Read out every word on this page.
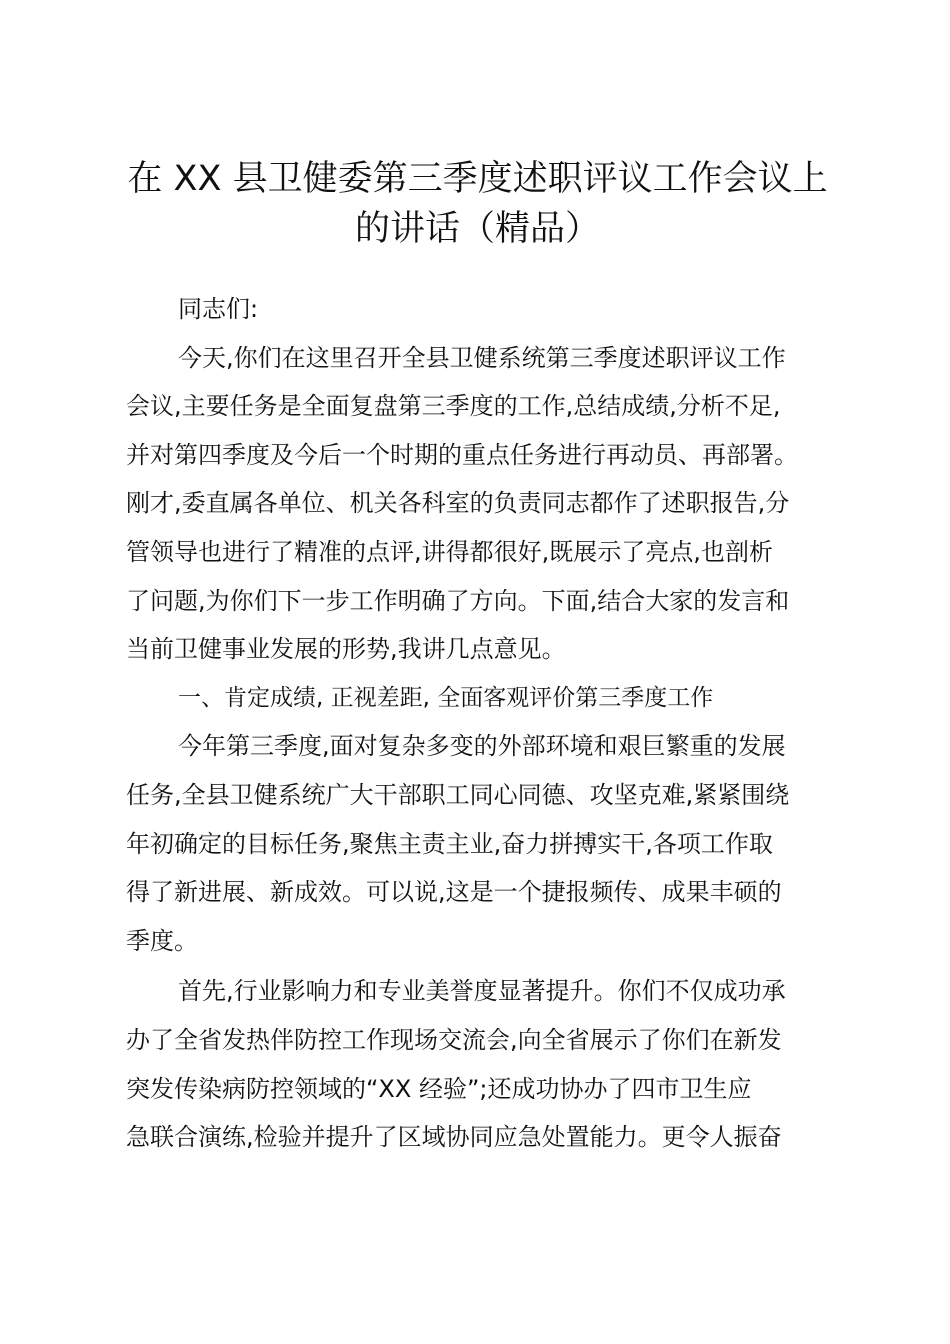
在 XX 县卫健委第三季度述职评议工作会议上
的讲话（精品）

同志们:

今天,你们在这里召开全县卫健系统第三季度述职评议工作
会议,主要任务是全面复盘第三季度的工作,总结成绩,分析不足,
并对第四季度及今后一个时期的重点任务进行再动员、再部署。
刚才,委直属各单位、机关各科室的负责同志都作了述职报告,分
管领导也进行了精准的点评,讲得都很好,既展示了亮点,也剖析
了问题,为你们下一步工作明确了方向。下面,结合大家的发言和
当前卫健事业发展的形势,我讲几点意见。

一、肯定成绩, 正视差距, 全面客观评价第三季度工作

今年第三季度,面对复杂多变的外部环境和艰巨繁重的发展
任务,全县卫健系统广大干部职工同心同德、攻坚克难,紧紧围绕
年初确定的目标任务,聚焦主责主业,奋力拼搏实干,各项工作取
得了新进展、新成效。可以说,这是一个捷报频传、成果丰硕的
季度。

首先,行业影响力和专业美誉度显著提升。你们不仅成功承
办了全省发热伴防控工作现场交流会,向全省展示了你们在新发
突发传染病防控领域的“XX 经验”;还成功协办了四市卫生应
急联合演练,检验并提升了区域协同应急处置能力。更令人振奋
